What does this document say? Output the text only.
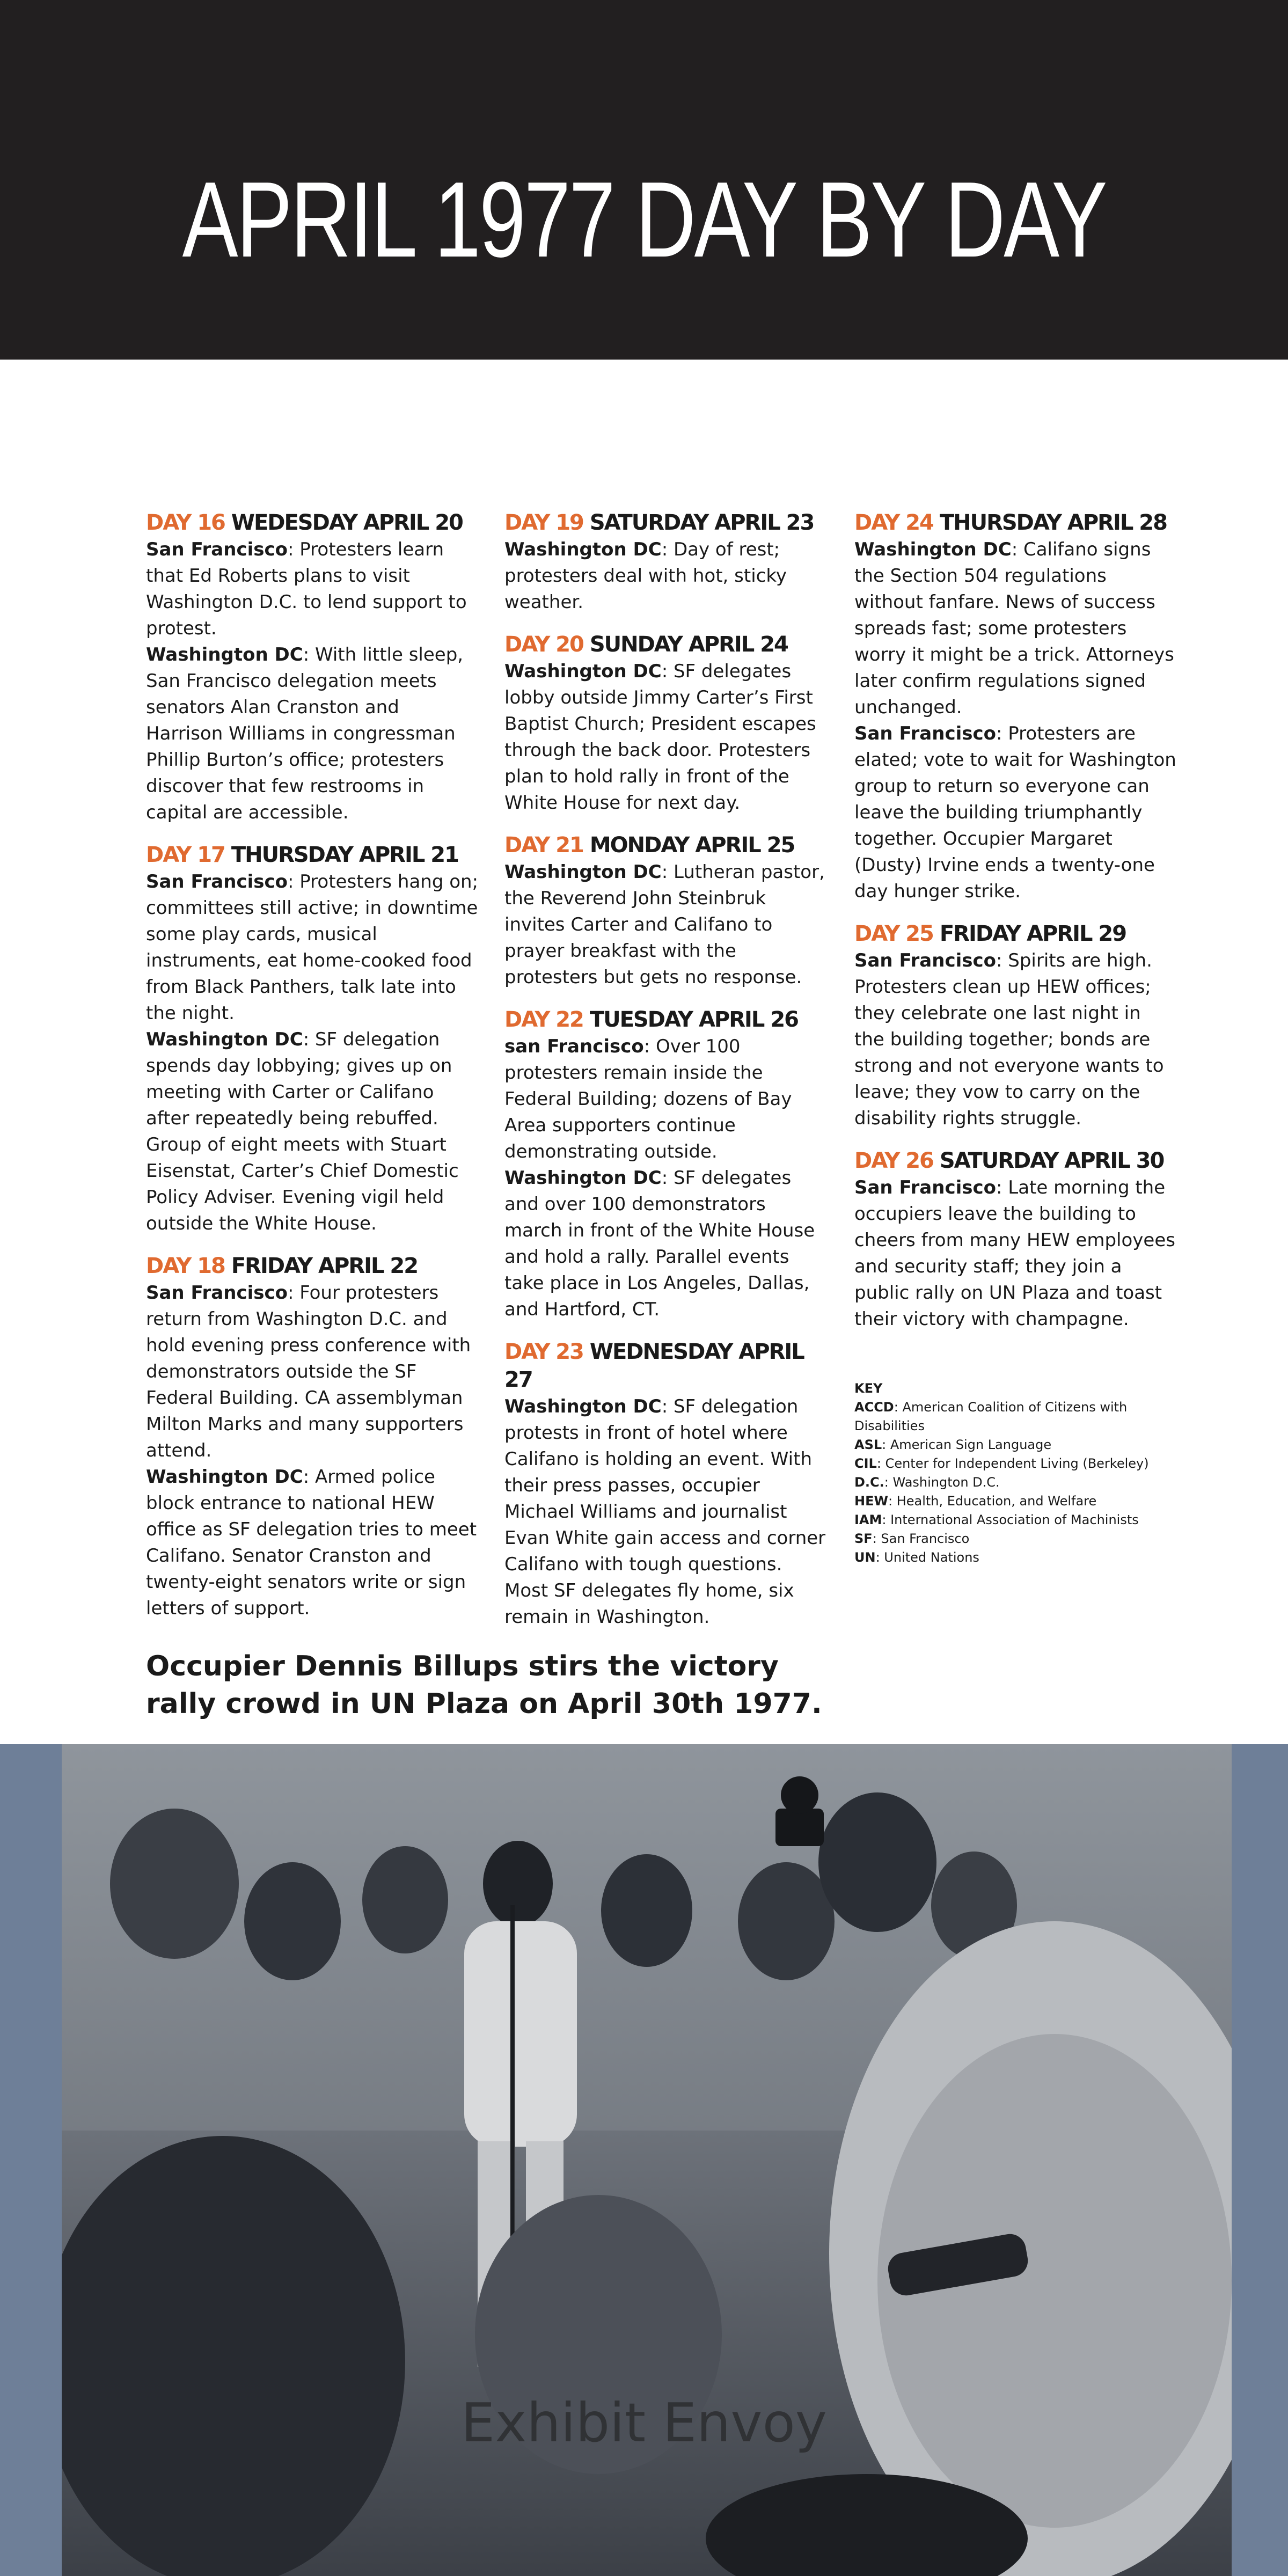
APRIL 1977 DAY BY DAY
DAY 16 WEDESDAY APRIL 20

San Francisco: Protesters learn that Ed Roberts plans to visit Washington D.C. to lend support to protest.

Washington DC: With little sleep, San Francisco delegation meets senators Alan Cranston and Harrison Williams in congressman Phillip Burton’s office; protesters discover that few restrooms in capital are accessible.

DAY 17 THURSDAY APRIL 21

San Francisco: Protesters hang on; committees still active; in downtime some play cards, musical instruments, eat home-cooked food from Black Panthers, talk late into the night.

Washington DC: SF delegation spends day lobbying; gives up on meeting with Carter or Califano after repeatedly being rebuffed. Group of eight meets with Stuart Eisenstat, Carter’s Chief Domestic Policy Adviser. Evening vigil held outside the White House.

DAY 18 FRIDAY APRIL 22

San Francisco: Four protesters return from Washington D.C. and hold evening press conference with demonstrators outside the SF Federal Building. CA assemblyman Milton Marks and many supporters attend.

Washington DC: Armed police block entrance to national HEW office as SF delegation tries to meet Califano. Senator Cranston and twenty-eight senators write or sign letters of support.

DAY 19 SATURDAY APRIL 23

Washington DC: Day of rest; protesters deal with hot, sticky weather.

DAY 20 SUNDAY APRIL 24

Washington DC: SF delegates lobby outside Jimmy Carter’s First Baptist Church; President escapes through the back door. Protesters plan to hold rally in front of the White House for next day.

DAY 21 MONDAY APRIL 25

Washington DC: Lutheran pastor, the Reverend John Steinbruk invites Carter and Califano to prayer breakfast with the protesters but gets no response.

DAY 22 TUESDAY APRIL 26

san Francisco: Over 100 protesters remain inside the Federal Building; dozens of Bay Area supporters continue demonstrating outside.

Washington DC: SF delegates and over 100 demonstrators march in front of the White House and hold a rally. Parallel events take place in Los Angeles, Dallas, and Hartford, CT.

DAY 23 WEDNESDAY APRIL 27

Washington DC: SF delegation protests in front of hotel where Califano is holding an event. With their press passes, occupier Michael Williams and journalist Evan White gain access and corner Califano with tough questions. Most SF delegates fly home, six remain in Washington.

DAY 24 THURSDAY APRIL 28

Washington DC: Califano signs the Section 504 regulations without fanfare. News of success spreads fast; some protesters worry it might be a trick. Attorneys later confirm regulations signed unchanged.

San Francisco: Protesters are elated; vote to wait for Washington group to return so everyone can leave the building triumphantly together. Occupier Margaret (Dusty) Irvine ends a twenty-one day hunger strike.

DAY 25 FRIDAY APRIL 29

San Francisco: Spirits are high. Protesters clean up HEW offices; they celebrate one last night in the building together; bonds are strong and not everyone wants to leave; they vow to carry on the disability rights struggle.

DAY 26 SATURDAY APRIL 30

San Francisco: Late morning the occupiers leave the building to cheers from many HEW employees and security staff; they join a public rally on UN Plaza and toast their victory with champagne.

KEY
ACCD: American Coalition of Citizens with Disabilities
ASL: American Sign Language
CIL: Center for Independent Living (Berkeley)
D.C.: Washington D.C.
HEW: Health, Education, and Welfare
IAM: International Association of Machinists
SF: San Francisco
UN: United Nations
Occupier Dennis Billups stirs the victory rally crowd in UN Plaza on April 30th 1977.
Exhibit Envoy
